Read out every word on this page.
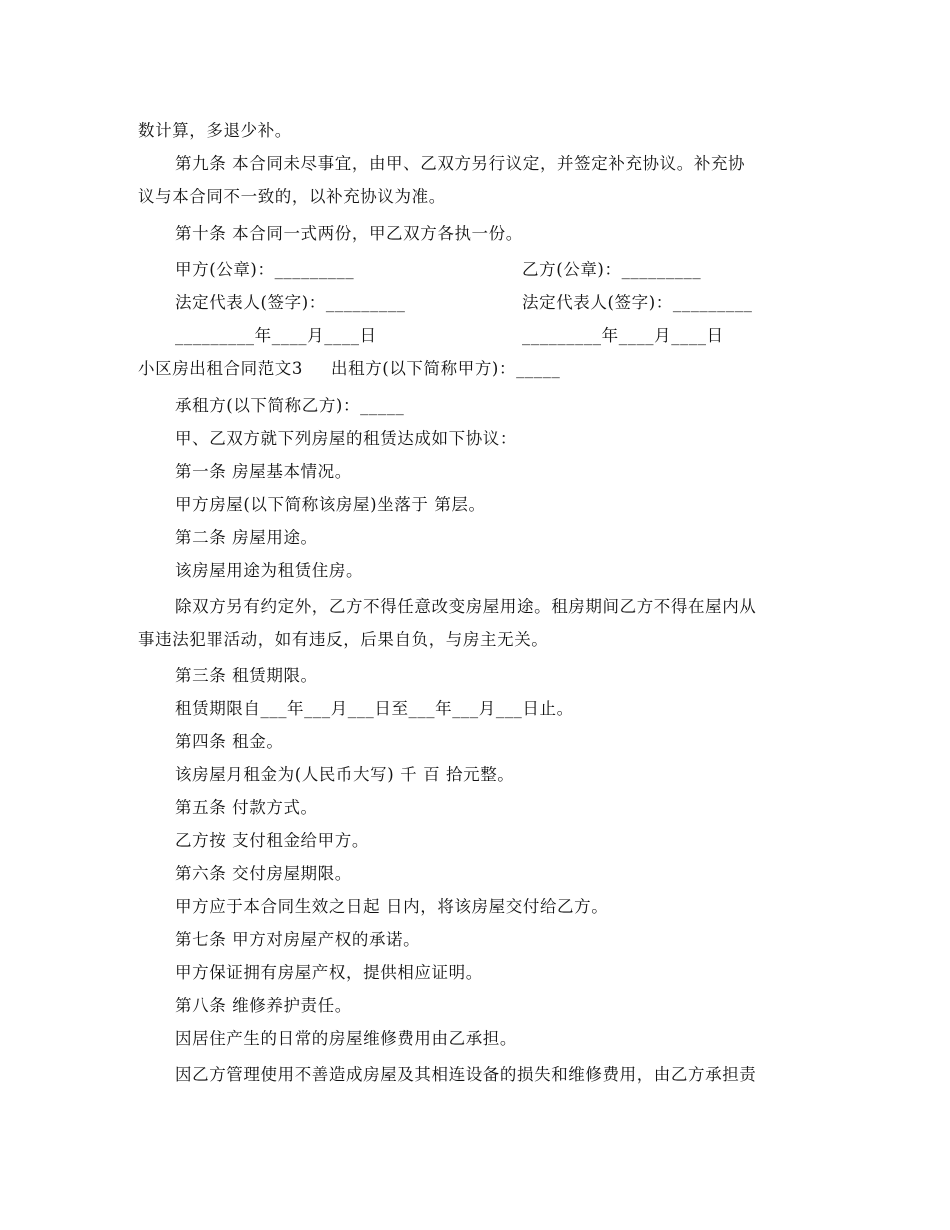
数计算，多退少补。
第九条 本合同未尽事宜，由甲、乙双方另行议定，并签定补充协议。补充协
议与本合同不一致的，以补充协议为准。
第十条 本合同一式两份，甲乙双方各执一份。
甲方(公章)：_________	乙方(公章)：_________
法定代表人(签字)：_________	法定代表人(签字)：_________
_________年____月____日	_________年____月____日
小区房出租合同范文3 出租方(以下简称甲方)：_____
承租方(以下简称乙方)：_____
甲、乙双方就下列房屋的租赁达成如下协议：
第一条 房屋基本情况。
甲方房屋(以下简称该房屋)坐落于 第层。
第二条 房屋用途。
该房屋用途为租赁住房。
除双方另有约定外，乙方不得任意改变房屋用途。租房期间乙方不得在屋内从
事违法犯罪活动，如有违反，后果自负，与房主无关。
第三条 租赁期限。
租赁期限自___年___月___日至___年___月___日止。
第四条 租金。
该房屋月租金为(人民币大写) 千 百 拾元整。
第五条 付款方式。
乙方按 支付租金给甲方。
第六条 交付房屋期限。
甲方应于本合同生效之日起 日内，将该房屋交付给乙方。
第七条 甲方对房屋产权的承诺。
甲方保证拥有房屋产权，提供相应证明。
第八条 维修养护责任。
因居住产生的日常的房屋维修费用由乙承担。
因乙方管理使用不善造成房屋及其相连设备的损失和维修费用，由乙方承担责
